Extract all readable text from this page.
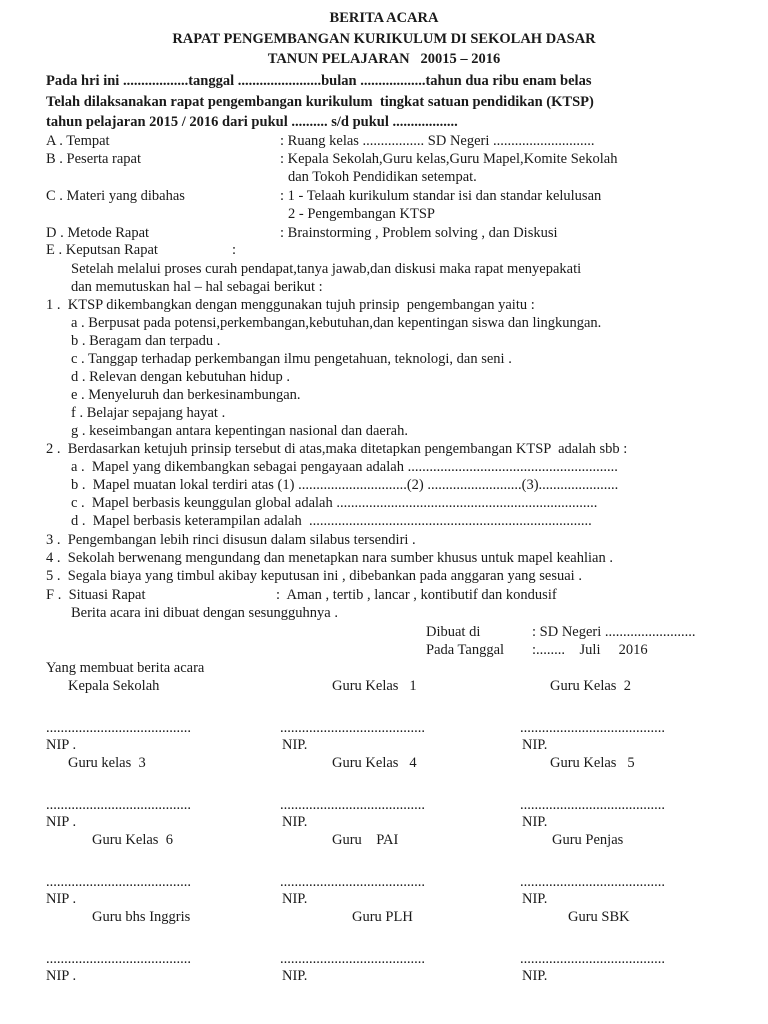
BERITA ACARA
RAPAT PENGEMBANGAN KURIKULUM DI SEKOLAH DASAR
TANUN PELAJARAN   20015 – 2016
Pada hri ini ..................tanggal .......................bulan ..................tahun dua ribu enam belas
Telah dilaksanakan rapat pengembangan kurikulum  tingkat satuan pendidikan (KTSP)
tahun pelajaran 2015 / 2016 dari pukul .......... s/d pukul ..................
A . Tempat	: Ruang kelas ................. SD Negeri ............................
B . Peserta rapat	: Kepala Sekolah,Guru kelas,Guru Mapel,Komite Sekolah
dan Tokoh Pendidikan setempat.
C . Materi yang dibahas	: 1 - Telaah kurikulum standar isi dan standar kelulusan
2 - Pengembangan KTSP
D . Metode Rapat	: Brainstorming , Problem solving , dan Diskusi
E . Keputsan Rapat	:
Setelah melalui proses curah pendapat,tanya jawab,dan diskusi maka rapat menyepakati
dan memutuskan hal – hal sebagai berikut :
1 .  KTSP dikembangkan dengan menggunakan tujuh prinsip  pengembangan yaitu :
a . Berpusat pada potensi,perkembangan,kebutuhan,dan kepentingan siswa dan lingkungan.
b . Beragam dan terpadu .
c . Tanggap terhadap perkembangan ilmu pengetahuan, teknologi, dan seni .
d . Relevan dengan kebutuhan hidup .
e . Menyeluruh dan berkesinambungan.
f . Belajar sepajang hayat .
g . keseimbangan antara kepentingan nasional dan daerah.
2 .  Berdasarkan ketujuh prinsip tersebut di atas,maka ditetapkan pengembangan KTSP  adalah sbb :
a .  Mapel yang dikembangkan sebagai pengayaan adalah ..........................................................
b .  Mapel muatan lokal terdiri atas (1) ..............................(2) ..........................(3)......................
c .  Mapel berbasis keunggulan global adalah ........................................................................
d .  Mapel berbasis keterampilan adalah  ..............................................................................
3 .  Pengembangan lebih rinci disusun dalam silabus tersendiri .
4 .  Sekolah berwenang mengundang dan menetapkan nara sumber khusus untuk mapel keahlian .
5 .  Segala biaya yang timbul akibay keputusan ini , dibebankan pada anggaran yang sesuai .
F .  Situasi Rapat	:  Aman , tertib , lancar , kontibutif dan kondusif
Berita acara ini dibuat dengan sesungguhnya .
Dibuat di	: SD Negeri .........................
Pada Tanggal :........    Juli     2016
Yang membuat berita acara
Kepala Sekolah	Guru Kelas   1	Guru Kelas  2
........................................	........................................	........................................
NIP .	NIP.	NIP.
Guru kelas  3	Guru Kelas   4	Guru Kelas   5
........................................	........................................	........................................
NIP .	NIP.	NIP.
Guru Kelas  6	Guru    PAI	Guru Penjas
........................................	........................................	........................................
NIP .	NIP.	NIP.
Guru bhs Inggris	Guru PLH	Guru SBK
........................................	........................................	........................................
NIP .	NIP.	NIP.
